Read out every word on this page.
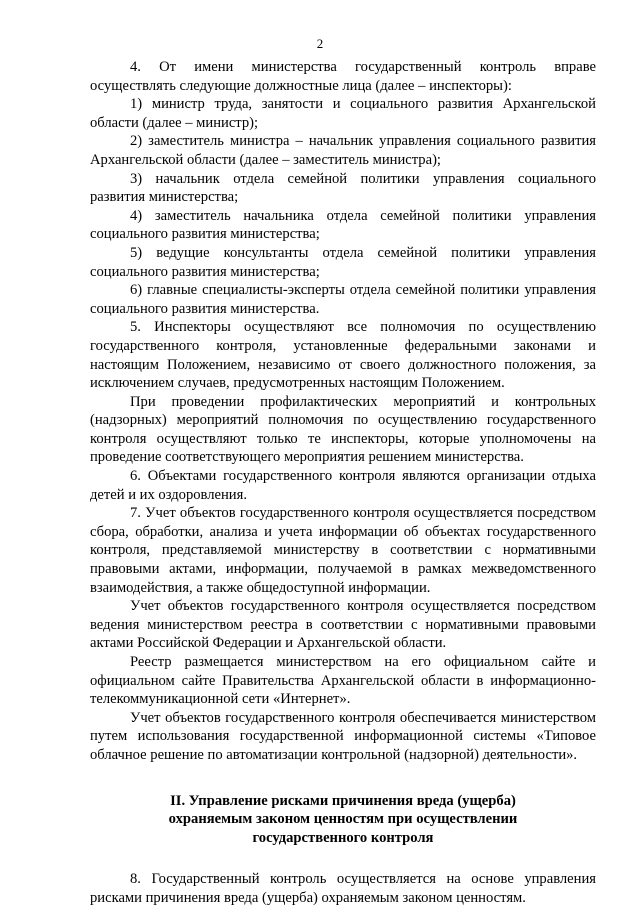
2

4. От имени министерства государственный контроль вправе осуществлять следующие должностные лица (далее – инспекторы):

1) министр труда, занятости и социального развития Архангельской области (далее – министр);

2) заместитель министра – начальник управления социального развития Архангельской области (далее – заместитель министра);

3) начальник отдела семейной политики управления социального развития министерства;

4) заместитель начальника отдела семейной политики управления социального развития министерства;

5) ведущие консультанты отдела семейной политики управления социального развития министерства;

6) главные специалисты-эксперты отдела семейной политики управления социального развития министерства.

5. Инспекторы осуществляют все полномочия по осуществлению государственного контроля, установленные федеральными законами и настоящим Положением, независимо от своего должностного положения, за исключением случаев, предусмотренных настоящим Положением.

При проведении профилактических мероприятий и контрольных (надзорных) мероприятий полномочия по осуществлению государственного контроля осуществляют только те инспекторы, которые уполномочены на проведение соответствующего мероприятия решением министерства.

6. Объектами государственного контроля являются организации отдыха детей и их оздоровления.

7. Учет объектов государственного контроля осуществляется посредством сбора, обработки, анализа и учета информации об объектах государственного контроля, представляемой министерству в соответствии с нормативными правовыми актами, информации, получаемой в рамках межведомственного взаимодействия, а также общедоступной информации.

Учет объектов государственного контроля осуществляется посредством ведения министерством реестра в соответствии с нормативными правовыми актами Российской Федерации и Архангельской области.

Реестр размещается министерством на его официальном сайте и официальном сайте Правительства Архангельской области в информационно-телекоммуникационной сети «Интернет».

Учет объектов государственного контроля обеспечивается министерством путем использования государственной информационной системы «Типовое облачное решение по автоматизации контрольной (надзорной) деятельности».

II. Управление рисками причинения вреда (ущерба)
охраняемым законом ценностям при осуществлении
государственного контроля

8. Государственный контроль осуществляется на основе управления рисками причинения вреда (ущерба) охраняемым законом ценностям.
